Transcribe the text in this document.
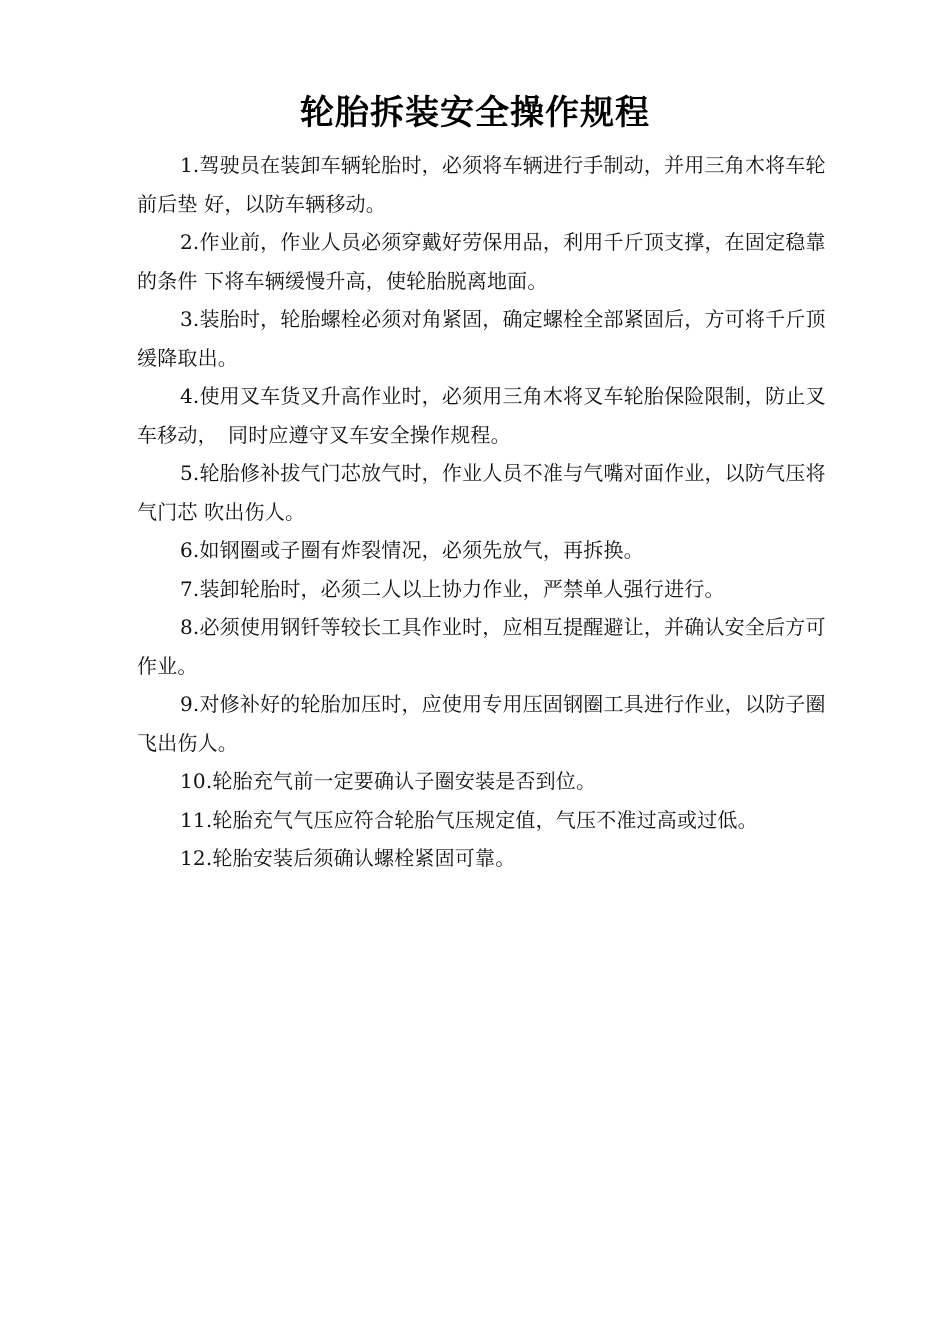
轮胎拆装安全操作规程

1.驾驶员在装卸车辆轮胎时，必须将车辆进行手制动，并用三角木将车轮前后垫 好，以防车辆移动。

2.作业前，作业人员必须穿戴好劳保用品，利用千斤顶支撑，在固定稳靠的条件 下将车辆缓慢升高，使轮胎脱离地面。

3.装胎时，轮胎螺栓必须对角紧固，确定螺栓全部紧固后，方可将千斤顶缓降取出。

4.使用叉车货叉升高作业时，必须用三角木将叉车轮胎保险限制，防止叉车移动，　同时应遵守叉车安全操作规程。

5.轮胎修补拔气门芯放气时，作业人员不准与气嘴对面作业，以防气压将气门芯 吹出伤人。

6.如钢圈或子圈有炸裂情况，必须先放气，再拆换。

7.装卸轮胎时，必须二人以上协力作业，严禁单人强行进行。

8.必须使用钢钎等较长工具作业时，应相互提醒避让，并确认安全后方可作业。

9.对修补好的轮胎加压时，应使用专用压固钢圈工具进行作业，以防子圈飞出伤人。

10.轮胎充气前一定要确认子圈安装是否到位。

11.轮胎充气气压应符合轮胎气压规定值，气压不准过高或过低。

12.轮胎安装后须确认螺栓紧固可靠。
